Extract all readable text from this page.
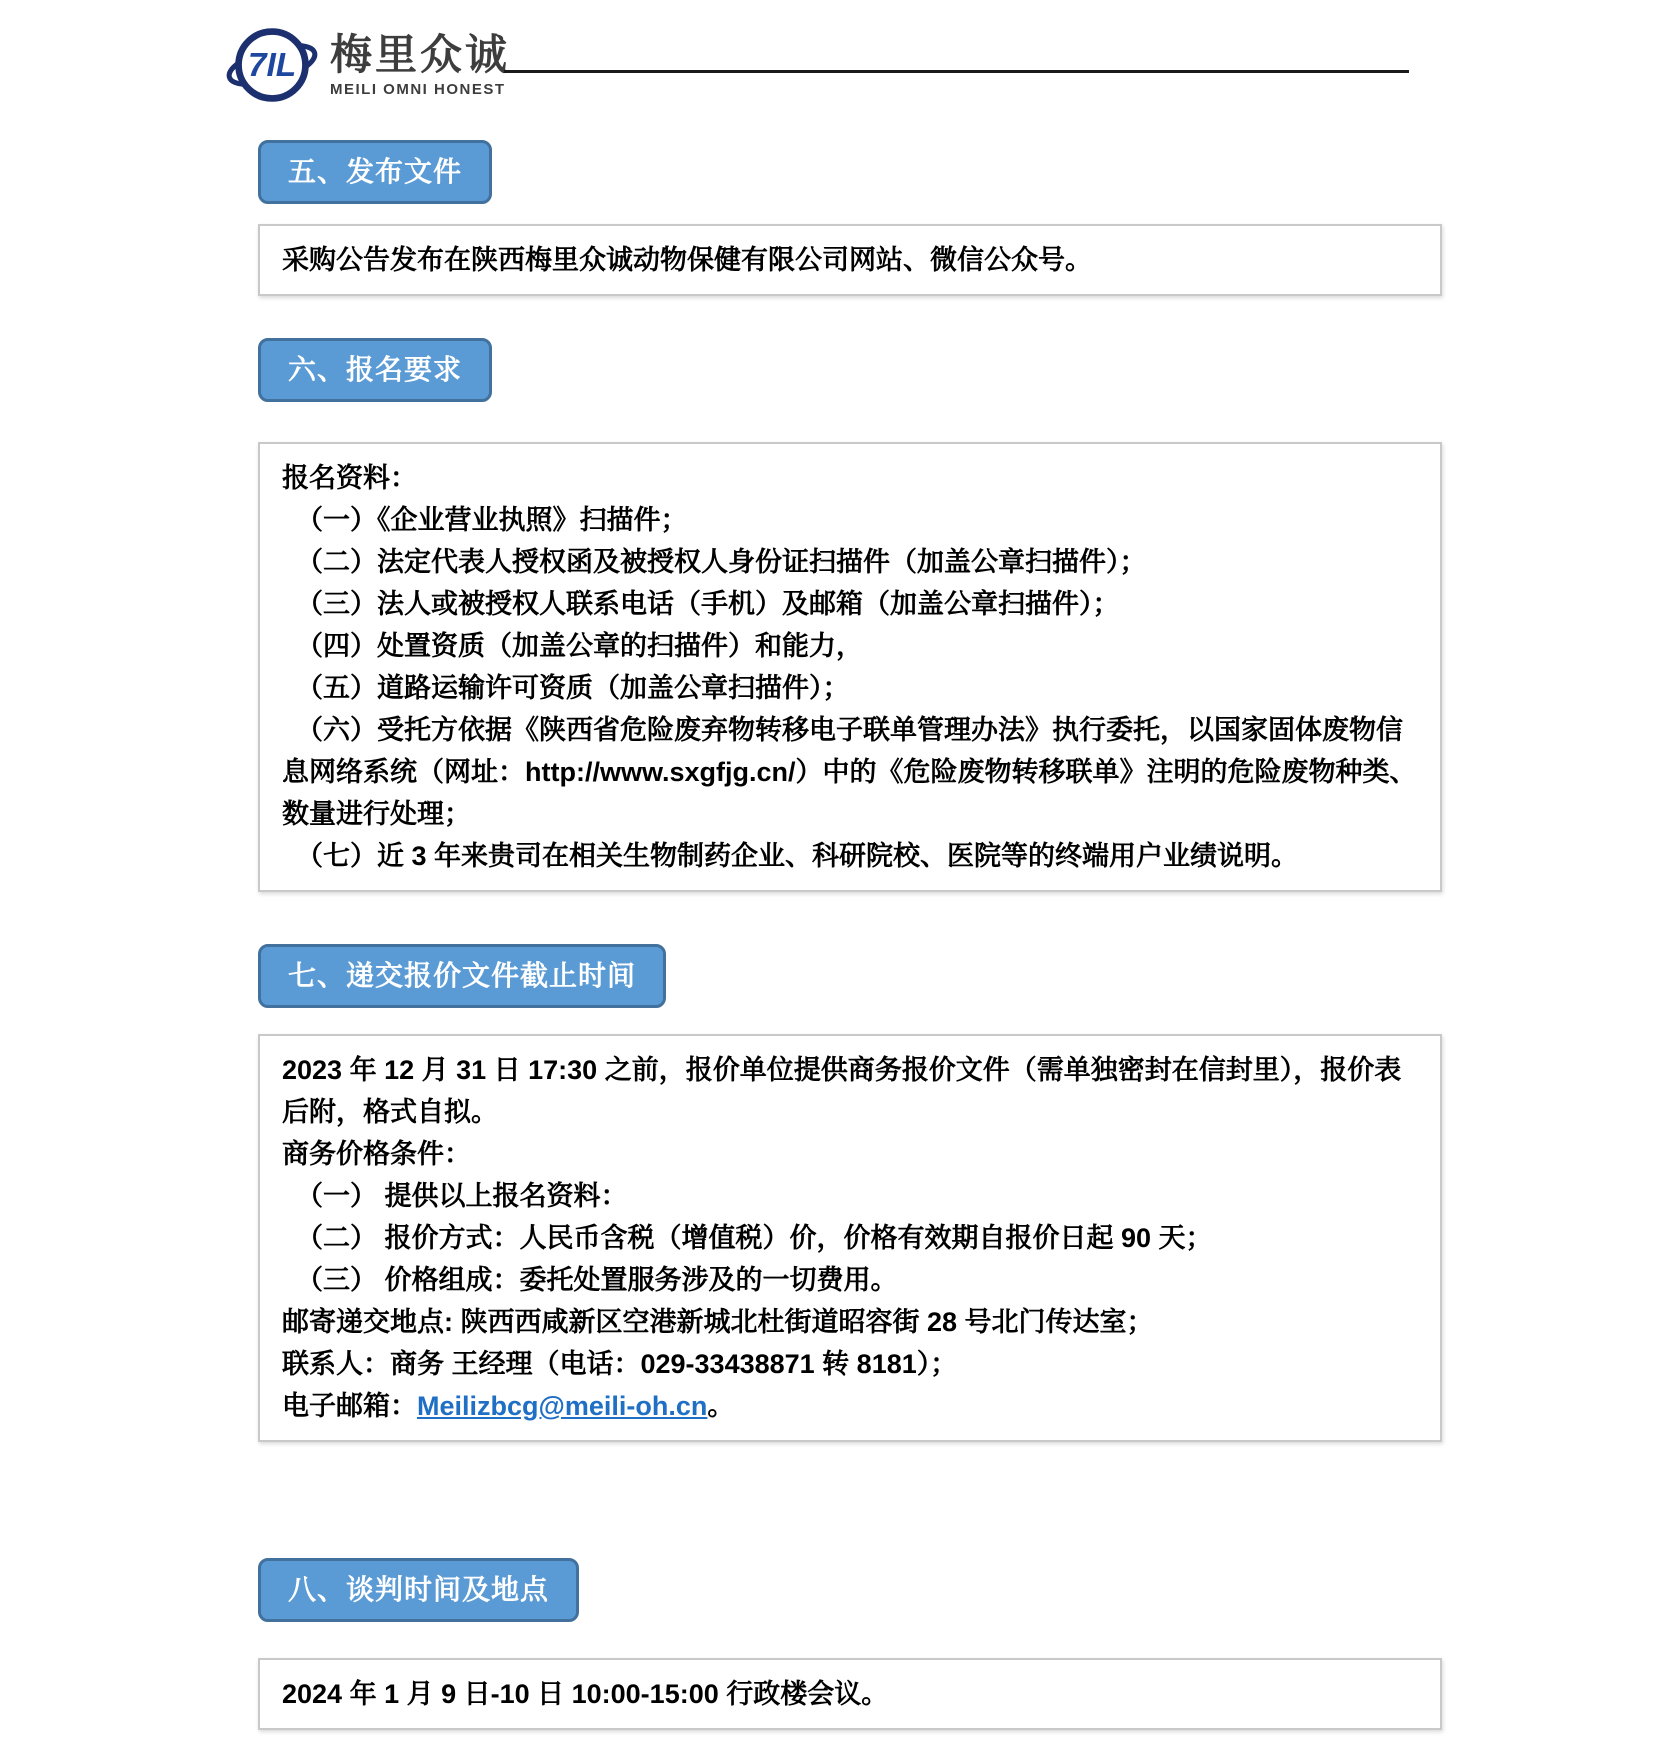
7IL 梅里众诚
MEILI OMNI HONEST
五、发布文件

采购公告发布在陕西梅里众诚动物保健有限公司网站、微信公众号。

六、报名要求

报名资料：

（一）《企业营业执照》扫描件；

（二）法定代表人授权函及被授权人身份证扫描件（加盖公章扫描件）；

（三）法人或被授权人联系电话（手机）及邮箱（加盖公章扫描件）；

（四）处置资质（加盖公章的扫描件）和能力，

（五）道路运输许可资质（加盖公章扫描件）；

（六）受托方依据《陕西省危险废弃物转移电子联单管理办法》执行委托，以国家固体废物信息网络系统（网址：http://www.sxgfjg.cn/）中的《危险废物转移联单》注明的危险废物种类、数量进行处理；

（七）近 3 年来贵司在相关生物制药企业、科研院校、医院等的终端用户业绩说明。

七、递交报价文件截止时间

2023 年 12 月 31 日 17:30 之前，报价单位提供商务报价文件（需单独密封在信封里），报价表后附，格式自拟。

商务价格条件：

（一） 提供以上报名资料：

（二） 报价方式：人民币含税（增值税）价，价格有效期自报价日起 90 天；

（三） 价格组成：委托处置服务涉及的一切费用。

邮寄递交地点: 陕西西咸新区空港新城北杜街道昭容街 28 号北门传达室；

联系人：商务 王经理（电话：029-33438871 转 8181）；

电子邮箱：Meilizbcg@meili-oh.cn。

八、谈判时间及地点

2024 年 1 月 9 日-10 日 10:00-15:00 行政楼会议。
